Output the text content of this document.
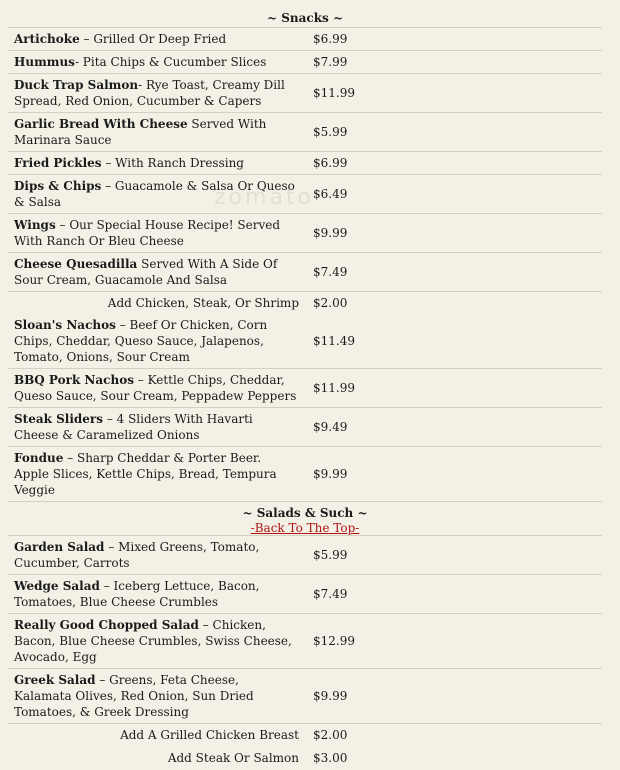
zomato
~ Snacks ~	
Artichoke – Grilled Or Deep Fried	$6.99
Hummus- Pita Chips & Cucumber Slices	$7.99
Duck Trap Salmon- Rye Toast, Creamy Dill Spread, Red Onion, Cucumber & Capers	$11.99
Garlic Bread With Cheese Served With Marinara Sauce	$5.99
Fried Pickles – With Ranch Dressing	$6.99
Dips & Chips – Guacamole & Salsa Or Queso & Salsa	$6.49
Wings – Our Special House Recipe! Served With Ranch Or Bleu Cheese	$9.99
Cheese Quesadilla Served With A Side Of Sour Cream, Guacamole And Salsa	$7.49
Add Chicken, Steak, Or Shrimp	$2.00
Sloan's Nachos – Beef Or Chicken, Corn Chips, Cheddar, Queso Sauce, Jalapenos, Tomato, Onions, Sour Cream	$11.49
BBQ Pork Nachos – Kettle Chips, Cheddar, Queso Sauce, Sour Cream, Peppadew Peppers	$11.99
Steak Sliders – 4 Sliders With Havarti Cheese & Caramelized Onions	$9.49
Fondue – Sharp Cheddar & Porter Beer. Apple Slices, Kettle Chips, Bread, Tempura Veggie	$9.99

~ Salads & Such ~
-Back To The Top-	

Garden Salad – Mixed Greens, Tomato, Cucumber, Carrots	$5.99
Wedge Salad – Iceberg Lettuce, Bacon, Tomatoes, Blue Cheese Crumbles	$7.49
Really Good Chopped Salad – Chicken, Bacon, Blue Cheese Crumbles, Swiss Cheese, Avocado, Egg	$12.99
Greek Salad – Greens, Feta Cheese, Kalamata Olives, Red Onion, Sun Dried Tomatoes, & Greek Dressing	$9.99
Add A Grilled Chicken Breast	$2.00
Add Steak Or Salmon	$3.00
